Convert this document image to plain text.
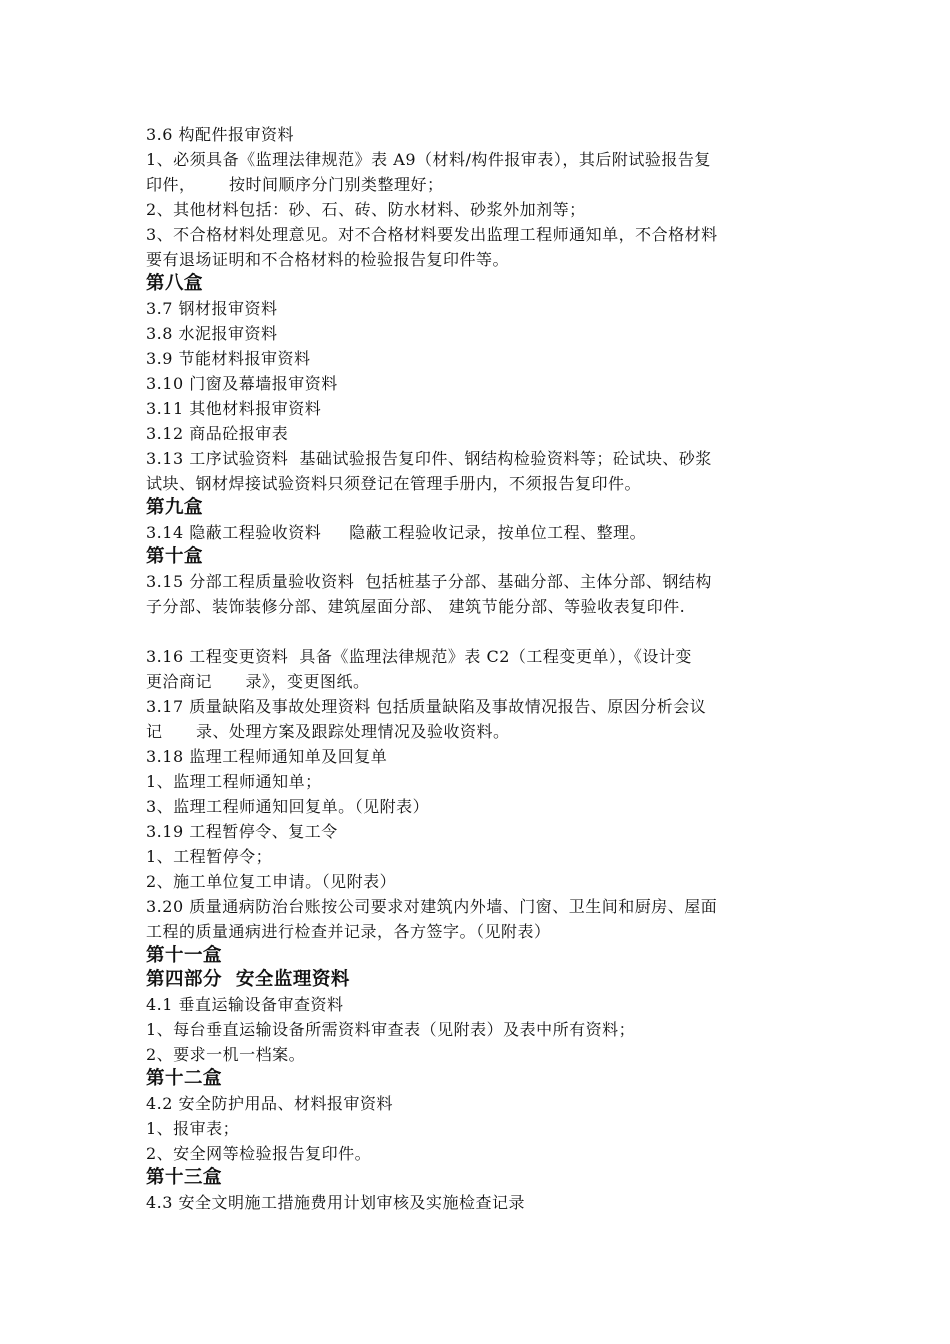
3.6 构配件报审资料
1、必须具备《监理法律规范》表 A9（材料/构件报审表），其后附试验报告复
印件，      按时间顺序分门别类整理好；
2、其他材料包括：砂、石、砖、防水材料、砂浆外加剂等；
3、不合格材料处理意见。对不合格材料要发出监理工程师通知单，不合格材料
要有退场证明和不合格材料的检验报告复印件等。
第八盒
3.7 钢材报审资料
3.8 水泥报审资料
3.9 节能材料报审资料
3.10 门窗及幕墙报审资料
3.11 其他材料报审资料
3.12 商品砼报审表
3.13 工序试验资料  基础试验报告复印件、钢结构检验资料等；砼试块、砂浆
试块、钢材焊接试验资料只须登记在管理手册内，不须报告复印件。
第九盒
3.14 隐蔽工程验收资料     隐蔽工程验收记录，按单位工程、整理。
第十盒
3.15 分部工程质量验收资料  包括桩基子分部、基础分部、主体分部、钢结构
子分部、装饰装修分部、建筑屋面分部、 建筑节能分部、等验收表复印件.
3.16 工程变更资料  具备《监理法律规范》表 C2（工程变更单），《设计变
更洽商记      录》，变更图纸。
3.17 质量缺陷及事故处理资料 包括质量缺陷及事故情况报告、原因分析会议
记      录、处理方案及跟踪处理情况及验收资料。
3.18 监理工程师通知单及回复单
1、监理工程师通知单；
3、监理工程师通知回复单。（见附表）
3.19 工程暂停令、复工令
1、工程暂停令；
2、施工单位复工申请。（见附表）
3.20 质量通病防治台账按公司要求对建筑内外墙、门窗、卫生间和厨房、屋面
工程的质量通病进行检查并记录，各方签字。（见附表）
第十一盒
第四部分  安全监理资料
4.1 垂直运输设备审查资料
1、每台垂直运输设备所需资料审查表（见附表）及表中所有资料；
2、要求一机一档案。
第十二盒
4.2 安全防护用品、材料报审资料
1、报审表；
2、安全网等检验报告复印件。
第十三盒
4.3 安全文明施工措施费用计划审核及实施检查记录
